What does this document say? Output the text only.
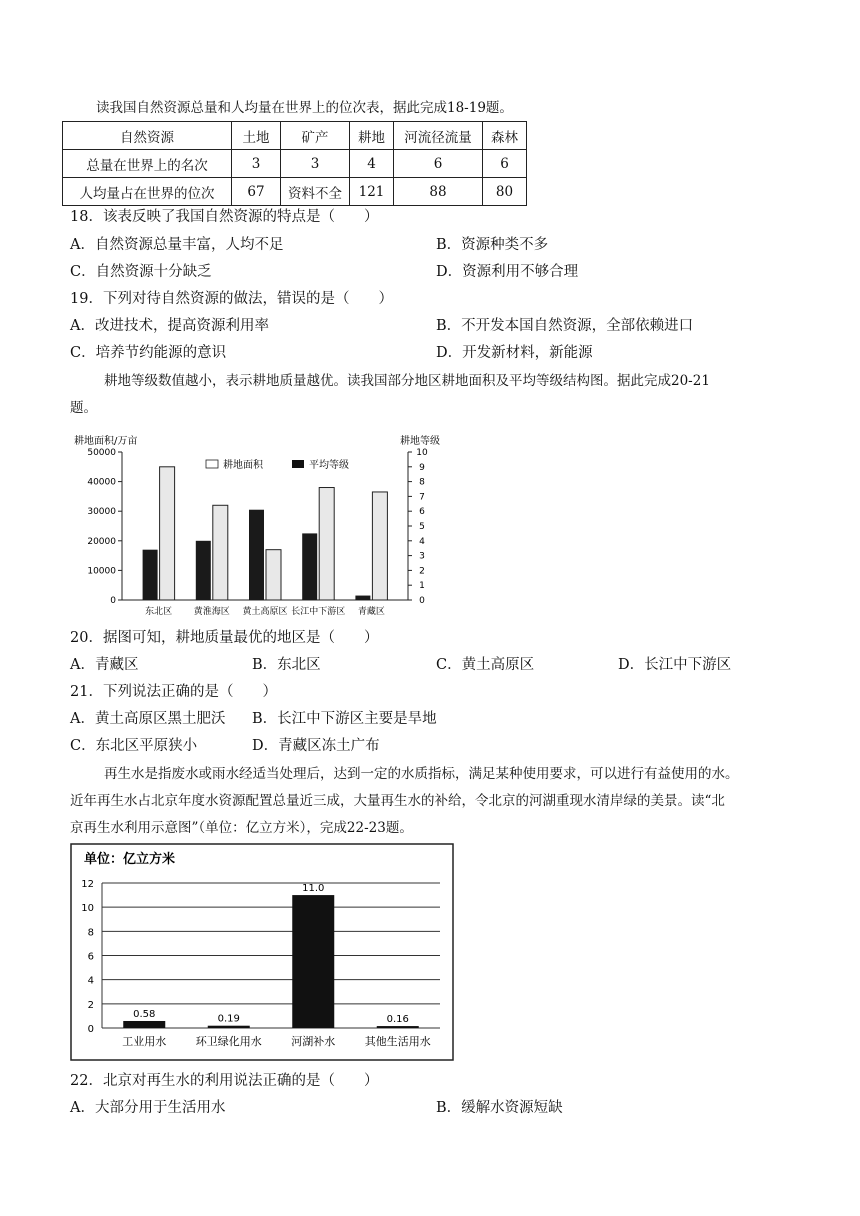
读我国自然资源总量和人均量在世界上的位次表，据此完成18-19题。
自然资源	土地	矿产	耕地	河流径流量	森林
总量在世界上的名次	3	3	4	6	6
人均量占在世界的位次	67	资料不全	121	88	80
18．该表反映了我国自然资源的特点是（　　）
A．自然资源总量丰富，人均不足	B．资源种类不多
C．自然资源十分缺乏	D．资源利用不够合理
19．下列对待自然资源的做法，错误的是（　　）
A．改进技术，提高资源利用率	B．不开发本国自然资源，全部依赖进口
C．培养节约能源的意识	D．开发新材料，新能源
耕地等级数值越小，表示耕地质量越优。读我国部分地区耕地面积及平均等级结构图。据此完成20-21
题。
耕地面积/万亩	耕地等级
0
10000
20000
30000
40000
50000
0
1
2
3
4
5
6
7
8
9
10
东北区 黄淮海区 黄土高原区 长江中下游区 青藏区
耕地面积	平均等级
20．据图可知，耕地质量最优的地区是（　　）
A．青藏区	B．东北区	C．黄土高原区	D．长江中下游区
21．下列说法正确的是（　　）
A．黄土高原区黑土肥沃 B．长江中下游区主要是旱地
C．东北区平原狭小	D．青藏区冻土广布
再生水是指废水或雨水经适当处理后，达到一定的水质指标，满足某种使用要求，可以进行有益使用的水。
近年再生水占北京年度水资源配置总量近三成，大量再生水的补给，令北京的河湖重现水清岸绿的美景。读“北
京再生水利用示意图”（单位：亿立方米），完成22-23题。
单位：亿立方米
0
2
4
6
8
10
12
0.58	0.19
11.0
0.16
工业用水	环卫绿化用水	河湖补水	其他生活用水
22．北京对再生水的利用说法正确的是（　　）
A．大部分用于生活用水	B．缓解水资源短缺
